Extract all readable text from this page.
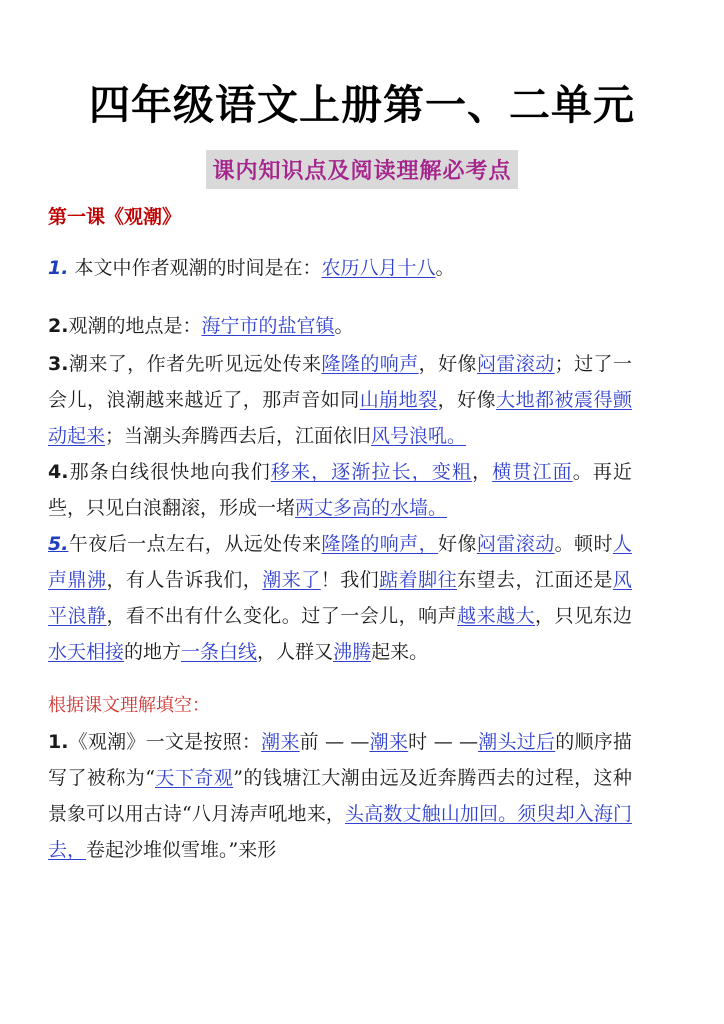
四年级语文上册第一、二单元
课内知识点及阅读理解必考点

第一课《观潮》

1. 本文中作者观潮的时间是在：农历八月十八。

2.观潮的地点是：海宁市的盐官镇。

3.潮来了，作者先听见远处传来隆隆的响声，好像闷雷滚动；过了一会儿，浪潮越来越近了，那声音如同山崩地裂，好像大地都被震得颤动起来；当潮头奔腾西去后，江面依旧风号浪吼。

4.那条白线很快地向我们移来，逐渐拉长，变粗，横贯江面。再近些，只见白浪翻滚，形成一堵两丈多高的水墙。

5.午夜后一点左右，从远处传来隆隆的响声，好像闷雷滚动。顿时人声鼎沸，有人告诉我们，潮来了！我们踮着脚往东望去，江面还是风平浪静，看不出有什么变化。过了一会儿，响声越来越大，只见东边水天相接的地方一条白线，人群又沸腾起来。

根据课文理解填空：

1.《观潮》一文是按照：潮来前 — —潮来时 — —潮头过后的顺序描写了被称为“天下奇观”的钱塘江大潮由远及近奔腾西去的过程，这种景象可以用古诗“八月涛声吼地来，头高数丈触山加回。须臾却入海门去，卷起沙堆似雪堆。”来形
